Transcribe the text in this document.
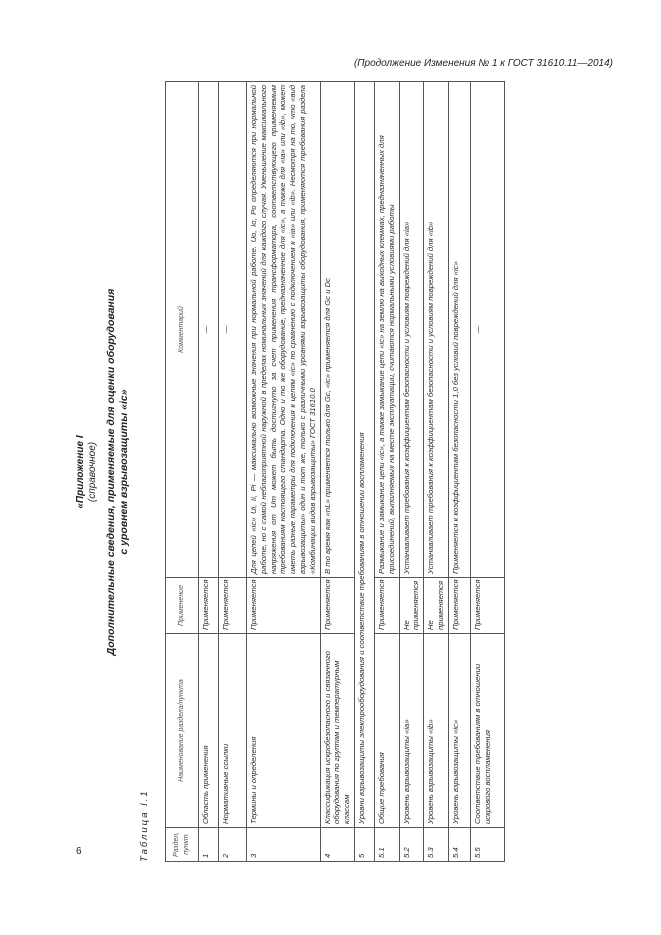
(Продолжение Изменения № 1 к ГОСТ 31610.11—2014)
«Приложение I (справочное) Дополнительные сведения, применяемые для оценки оборудования с уровнем взрывозащиты «ic»
Таблица I.1	Раздел, пункт	Наименование раздела/пункта	Применение	Комментарий
1	Область применения	Применяется	—
2	Нормативные ссылки	Применяется	—
3	Термины и определения	Применяется	Для цепей «ic» Ui, Ii, Pi — максимально возможные значения при нормальной работе. Uo, Io, Po определяются при нормальной работе, но с самой неблагоприятной наружной в пределах номинальных значений для каждого случая. Уменьшение максимального напряжения от Um может быть достигнуто за счет применения трансформатора, соответствующего применяемым требованиям настоящего стандарта. Одно и то же оборудование, предназначенное для «ic», а также для «ia» или «ib», может иметь разные параметры для подключения к цепям «ic» по сравнению с подключением к «ia» или «ib». Несмотря на то, что «вид взрывозащиты» один и тот же, только с различными уровнями взрывозащиты оборудования, применяются требования раздела «Комбинации видов взрывозащиты» ГОСТ 31610.0
4	Классификация искробезопасного и связанного оборудования по группам и температурным классам	Применяется	В то время как «nL» применяется только для Gc, «ic» применяется для Gc и Dc
5	Уровни взрывозащиты электрооборудования и соответствие требованиям в отношении воспламенения		
5.1	Общие требования	Применяется	Размыкание и замыкание цепи «ic», а также замыкание цепи «ic» на землю на выходных клеммах, предназначенных для присоединений, выполняемых на месте эксплуатации, считаются нормальными условиями работы
5.2	Уровень взрывозащиты «ia»	Не применяется	Устанавливает требования к коэффициентам безопасности и условиям повреждений для «ia»
5.3	Уровень взрывозащиты «ib»	Не применяется	Устанавливает требования к коэффициентам безопасности и условиям повреждений для «ib»
5.4	Уровень взрывозащиты «ic»	Применяется	Применяется к коэффициентам безопасности 1,0 без условий повреждений для «ic»
5.5	Соответствие требованиям в отношении искрового воспламенения	Применяется	—
6
